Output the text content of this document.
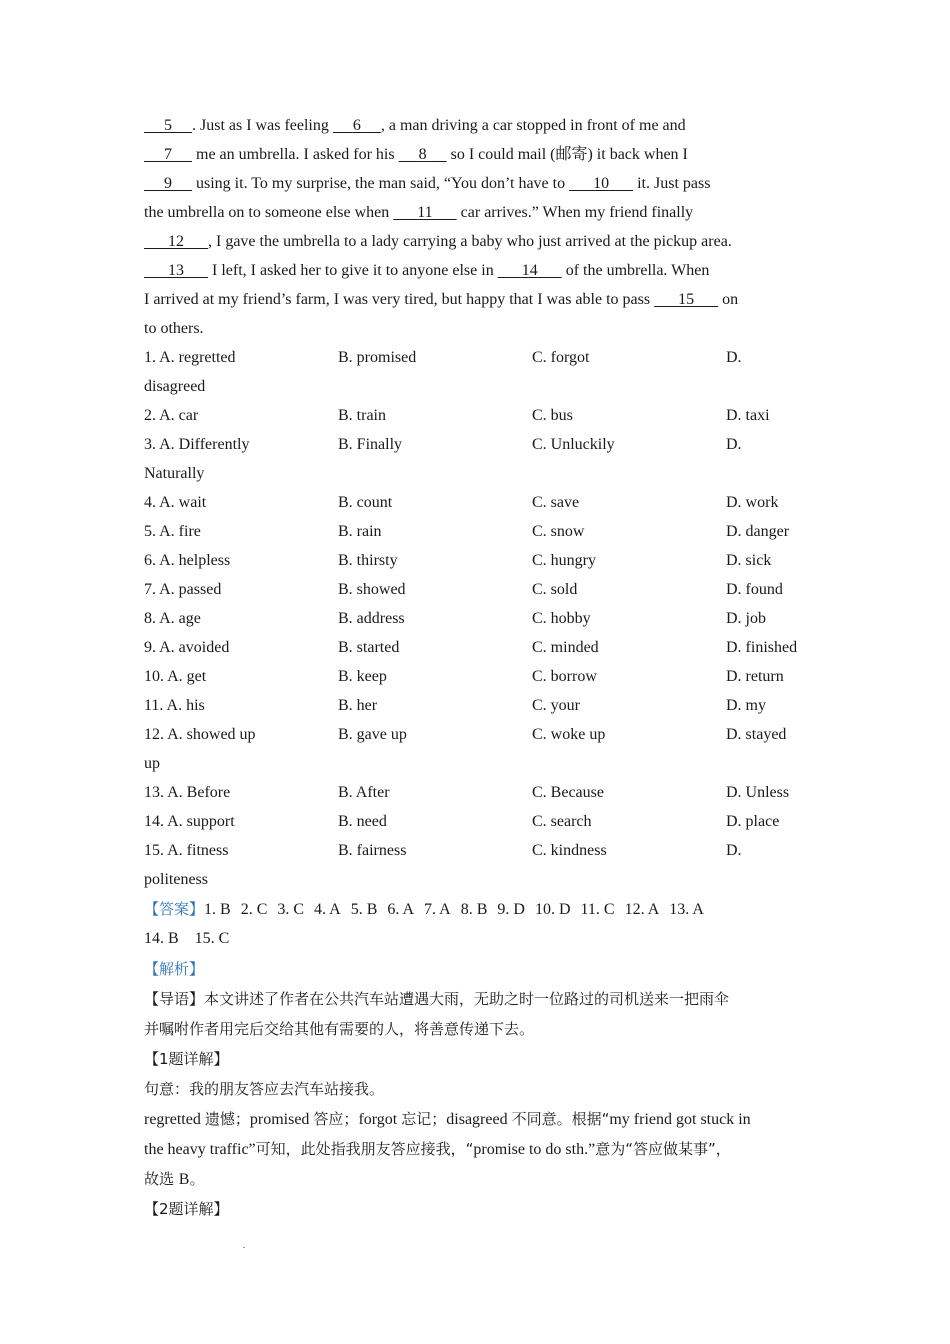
5 . Just as I was feeling      6 , a man driving a car stopped in front of me and
7      me an umbrella. I asked for his      8      so I could mail (邮寄) it back when I
9      using it. To my surprise, the man said, “You don’t have to       10       it. Just pass
the umbrella on to someone else when       11       car arrives.” When my friend finally
12 , I gave the umbrella to a lady carrying a baby who just arrived at the pickup area.
13       I left, I asked her to give it to anyone else in       14       of the umbrella. When
I arrived at my friend’s farm, I was very tired, but happy that I was able to pass       15       on
to others.
1. A. regretted	B. promised	C. forgot	D.
disagreed
2. A. car	B. train	C. bus	D. taxi
3. A. Differently	B. Finally	C. Unluckily	D.
Naturally
4. A. wait	B. count	C. save	D. work
5. A. fire	B. rain	C. snow	D. danger
6. A. helpless	B. thirsty	C. hungry	D. sick
7. A. passed	B. showed	C. sold	D. found
8. A. age	B. address	C. hobby	D. job
9. A. avoided	B. started	C. minded	D. finished
10. A. get	B. keep	C. borrow	D. return
11. A. his	B. her	C. your	D. my
12. A. showed up	B. gave up	C. woke up	D. stayed
up
13. A. Before	B. After	C. Because	D. Unless
14. A. support	B. need	C. search	D. place
15. A. fitness	B. fairness	C. kindness	D.
politeness
【答案】1. B 2. C 3. C 4. A 5. B 6. A 7. A 8. B 9. D 10. D 11. C 12. A 13. A
14. B 15. C
【解析】
【导语】本文讲述了作者在公共汽车站遭遇大雨，无助之时一位路过的司机送来一把雨伞
并嘱咐作者用完后交给其他有需要的人，将善意传递下去。
【1题详解】
句意：我的朋友答应去汽车站接我。
regretted 遗憾；promised 答应；forgot 忘记；disagreed 不同意。根据“my friend got stuck in
the heavy traffic”可知，此处指我朋友答应接我，“promise to do sth.”意为“答应做某事”，
故选 B。
【2题详解】
